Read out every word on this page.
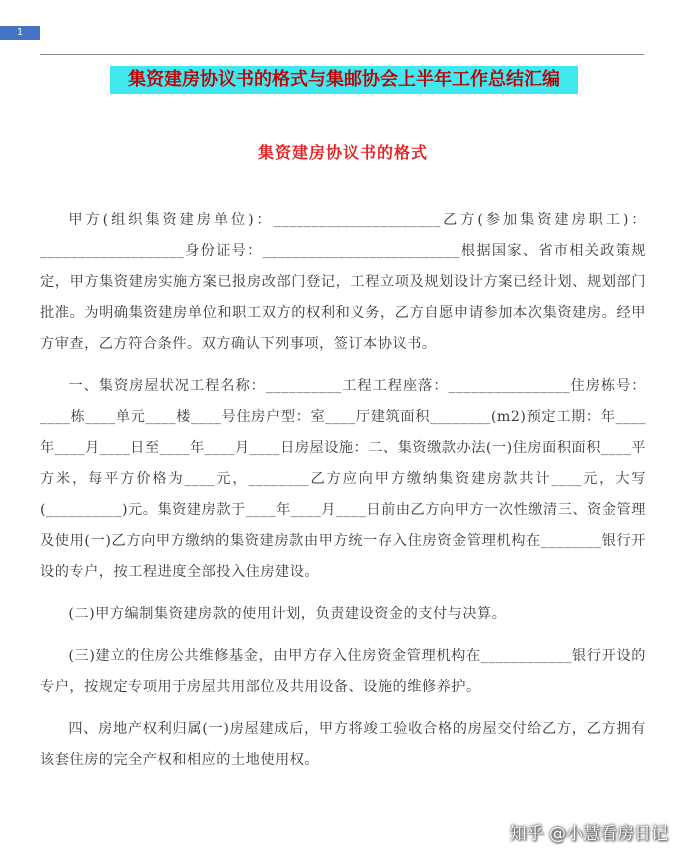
1
集资建房协议书的格式与集邮协会上半年工作总结汇编
集资建房协议书的格式

甲方(组织集资建房单位)：______________________乙方(参加集资建房职工)：___________________身份证号：__________________________根据国家、省市相关政策规定，甲方集资建房实施方案已报房改部门登记，工程立项及规划设计方案已经计划、规划部门批准。为明确集资建房单位和职工双方的权利和义务，乙方自愿申请参加本次集资建房。经甲方审查，乙方符合条件。双方确认下列事项，签订本协议书。

一、集资房屋状况工程名称：__________工程工程座落：________________住房栋号：____栋____单元____楼____号住房户型：室____厅建筑面积________(m2)预定工期：年____年____月____日至____年____月____日房屋设施：二、集资缴款办法(一)住房面积面积____平方米，每平方价格为____元，________乙方应向甲方缴纳集资建房款共计____元，大写(__________)元。集资建房款于____年____月____日前由乙方向甲方一次性缴清三、资金管理及使用(一)乙方向甲方缴纳的集资建房款由甲方统一存入住房资金管理机构在________银行开设的专户，按工程进度全部投入住房建设。

(二)甲方编制集资建房款的使用计划，负责建设资金的支付与决算。

(三)建立的住房公共维修基金，由甲方存入住房资金管理机构在____________银行开设的专户，按规定专项用于房屋共用部位及共用设备、设施的维修养护。

四、房地产权利归属(一)房屋建成后，甲方将竣工验收合格的房屋交付给乙方，乙方拥有该套住房的完全产权和相应的土地使用权。

知乎 @小慧看房日记
